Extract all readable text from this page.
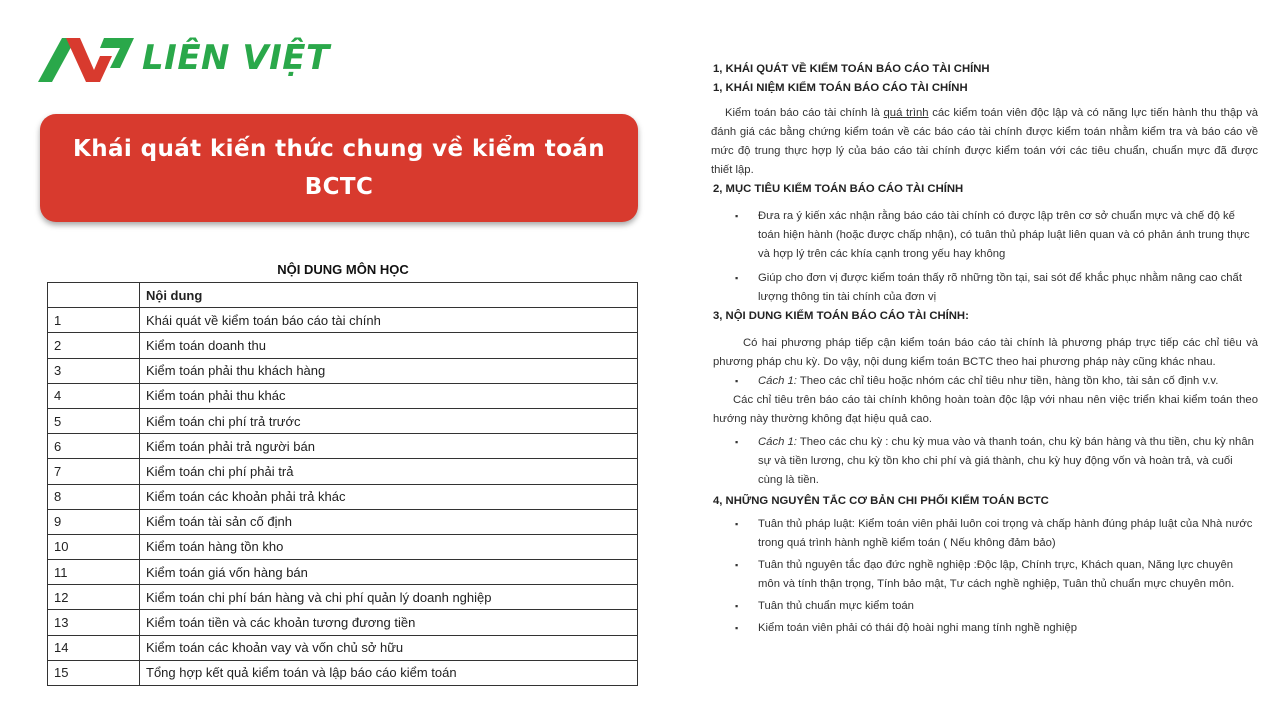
LIÊN VIỆT
Khái quát kiến thức chung về kiểm toán
BCTC
NỘI DUNG MÔN HỌC
	Nội dung
1	Khái quát về kiểm toán báo cáo tài chính
2	Kiểm toán doanh thu
3	Kiểm toán phải thu khách hàng
4	Kiểm toán phải thu khác
5	Kiểm toán chi phí trả trước
6	Kiểm toán phải trả người bán
7	Kiểm toán chi phí phải trả
8	Kiểm toán các khoản phải trả khác
9	Kiểm toán tài sản cố định
10	Kiểm toán hàng tồn kho
11	Kiểm toán giá vốn hàng bán
12	Kiểm toán chi phí bán hàng và chi phí quản lý doanh nghiệp
13	Kiểm toán tiền và các khoản tương đương tiền
14	Kiểm toán các khoản vay và vốn chủ sở hữu
15	Tổng hợp kết quả kiểm toán và lập báo cáo kiểm toán
1, KHÁI QUÁT VỀ KIỂM TOÁN BÁO CÁO TÀI CHÍNH
1, KHÁI NIỆM KIỂM TOÁN BÁO CÁO TÀI CHÍNH

Kiểm toán báo cáo tài chính là quá trình các kiểm toán viên độc lập và có năng lực tiến hành thu thập và đánh giá các bằng chứng kiểm toán về các báo cáo tài chính được kiểm toán nhằm kiểm tra và báo cáo về mức độ trung thực hợp lý của báo cáo tài chính được kiểm toán với các tiêu chuẩn, chuẩn mực đã được thiết lập.

2, MỤC TIÊU KIỂM TOÁN BÁO CÁO TÀI CHÍNH
▪ Đưa ra ý kiến xác nhận rằng báo cáo tài chính có được lập trên cơ sở chuẩn mực và chế độ kế toán hiện hành (hoặc được chấp nhận), có tuân thủ pháp luật liên quan và có phản ánh trung thực và hợp lý trên các khía cạnh trong yếu hay không
▪ Giúp cho đơn vị được kiểm toán thấy rõ những tồn tại, sai sót để khắc phục nhằm nâng cao chất lượng thông tin tài chính của đơn vị
3, NỘI DUNG KIỂM TOÁN BÁO CÁO TÀI CHÍNH:

Có hai phương pháp tiếp cận kiểm toán báo cáo tài chính là phương pháp trực tiếp các chỉ tiêu và phương pháp chu kỳ. Do vậy, nội dung kiểm toán BCTC theo hai phương pháp này cũng khác nhau.

▪ Cách 1: Theo các chỉ tiêu hoặc nhóm các chỉ tiêu như tiền, hàng tồn kho, tài sản cố định v.v.

Các chỉ tiêu trên báo cáo tài chính không hoàn toàn độc lập với nhau nên việc triển khai kiểm toán theo hướng này thường không đạt hiệu quả cao.

▪ Cách 1: Theo các chu kỳ : chu kỳ mua vào và thanh toán, chu kỳ bán hàng và thu tiền, chu kỳ nhân sự và tiền lương, chu kỳ tồn kho chi phí và giá thành, chu kỳ huy động vốn và hoàn trả, và cuối cùng là tiền.
4, NHỮNG NGUYÊN TẮC CƠ BẢN CHI PHỐI KIỂM TOÁN BCTC
▪ Tuân thủ pháp luật: Kiểm toán viên phải luôn coi trọng và chấp hành đúng pháp luật của Nhà nước trong quá trình hành nghề kiểm toán ( Nếu không đảm bảo)
▪ Tuân thủ nguyên tắc đạo đức nghề nghiệp :Độc lập, Chính trực, Khách quan, Năng lực chuyên môn và tính thận trọng, Tính bảo mật, Tư cách nghề nghiệp, Tuân thủ chuẩn mực chuyên môn.
▪ Tuân thủ chuẩn mực kiểm toán
▪ Kiểm toán viên phải có thái độ hoài nghi mang tính nghề nghiệp
